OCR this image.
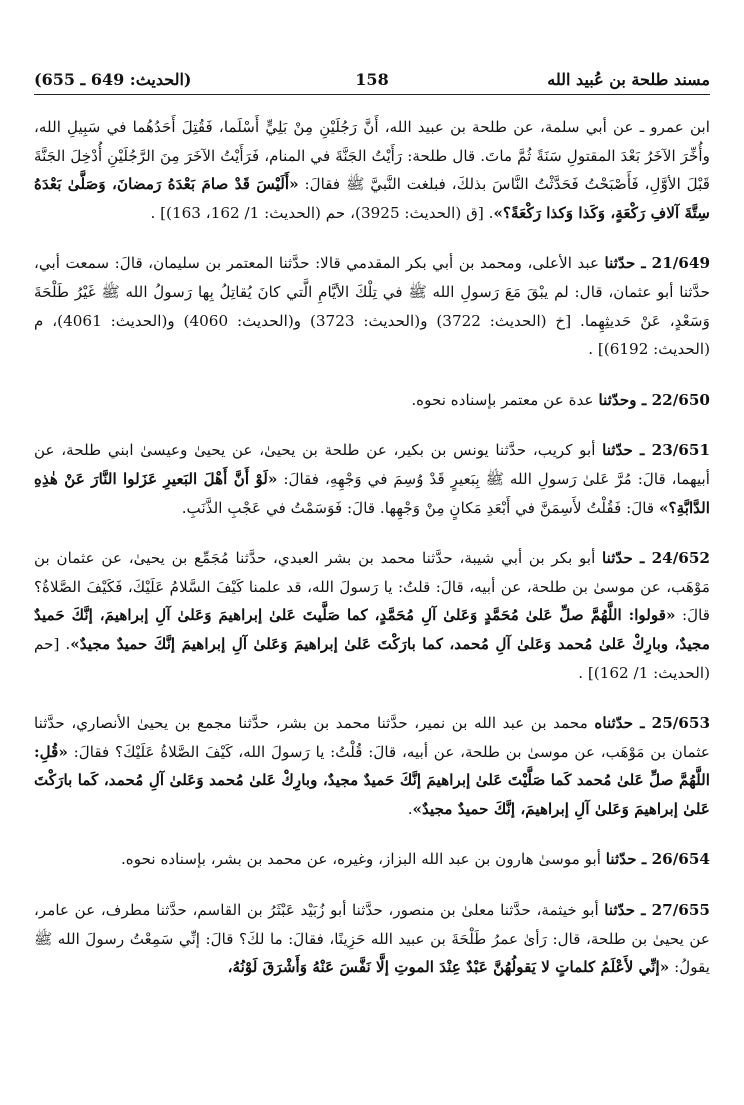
مسند طلحة بن عُبيد الله
158
(الحديث: 649 ـ 655)

ابن عمرو ـ عن أبي سلمة، عن طلحة بن عبيد الله، أَنَّ رَجُلَيْنِ مِنْ بَلِيٍّ أَسْلَما، فَقُتِلَ أَحَدُهُما في سَبِيلِ الله، وأُخِّرَ الآخَرُ بَعْدَ المقتولِ سَنَةً ثُمَّ ماتَ. قال طلحة: رَأَيْتُ الجَنَّةَ في المنام، فَرَأَيْتُ الآخَرَ مِنَ الرَّجُلَيْنِ أُدْخِلَ الجَنَّةَ قَبْلَ الأوَّلِ، فَأَصْبَحْتُ فَحَدَّثْتُ النَّاسَ بذلكَ، فبلغت النَّبيَّ ﷺ فقالَ: «أَلَيْسَ قَدْ صامَ بَعْدَهُ رَمضانَ، وَصَلَّىٰ بَعْدَهُ سِتَّةَ آلافِ رَكْعَةٍ، وَكَذا وَكذا رَكْعَةً؟». [ق (الحديث: 3925)، حم (الحديث: 1/ 162، 163)] .

21/649 ـ حدّثنا عبد الأعلى، ومحمد بن أبي بكر المقدمي قالا: حدَّثنا المعتمر بن سليمان، قالَ: سمعت أبي، حدَّثنا أبو عثمان، قال: لم يبْقَ مَعَ رَسولِ الله ﷺ في تِلْكَ الأيَّامِ الَّتي كانَ يُقاتِلُ بِها رَسولُ الله ﷺ غَيْرُ طَلْحَةَ وَسَعْدٍ، عَنْ حَديثِهِما. [خ (الحديث: 3722) و(الحديث: 3723) و(الحديث: 4060) و(الحديث: 4061)، م (الحديث: 6192)] .

22/650 ـ وحدّثنا عدة عن معتمر بإسناده نحوه.

23/651 ـ حدّثنا أبو كريب، حدَّثنا يونس بن بكير، عن طلحة بن يحيىٰ، عن يحيىٰ وعيسىٰ ابني طلحة، عن أبيهما، قالَ: مُرَّ عَلىٰ رَسولِ الله ﷺ بِبَعيرٍ قَدْ وُسِمَ في وَجْهِهِ، فقالَ: «لَوْ أَنَّ أَهْلَ البَعيرِ عَزَلوا النَّارَ عَنْ هٰذِهِ الدَّابَّةِ؟» قالَ: فَقُلْتُ لأَسِمَنَّ في أَبْعَدِ مَكانٍ مِنْ وَجْهِها. قالَ: فَوَسَمْتُ في عَجْبِ الذَّنَبِ.

24/652 ـ حدّثنا أبو بكر بن أبي شيبة، حدَّثنا محمد بن بشر العبدي، حدَّثنا مُجَمِّع بن يحيىٰ، عن عثمان بن مَوْهَب، عن موسىٰ بن طلحة، عن أبيه، قالَ: قلتُ: يا رَسولَ الله، قد علمنا كَيْفَ السَّلامُ عَلَيْكَ، فَكَيْفَ الصَّلاةُ؟ قالَ: «قولوا: اللَّهُمَّ صلِّ عَلىٰ مُحَمَّدٍ وَعَلىٰ آلِ مُحَمَّدٍ، كما صَلَّيتَ عَلىٰ إبراهيمَ وَعَلىٰ آلِ إبراهيمَ، إنَّكَ حَميدٌ مجيدٌ، وبارِكْ عَلىٰ مُحمد وَعَلىٰ آلِ مُحمد، كما بارَكْتَ عَلىٰ إبراهيمَ وَعَلىٰ آلِ إبراهيمَ إنَّكَ حميدٌ مجيدٌ». [حم (الحديث: 1/ 162)] .

25/653 ـ حدّثناه محمد بن عبد الله بن نمير، حدَّثنا محمد بن بشر، حدَّثنا مجمع بن يحيىٰ الأنصاري، حدَّثنا عثمان بن مَوْهَب، عن موسىٰ بن طلحة، عن أبيه، قالَ: قُلْتُ: يا رَسولَ الله، كَيْفَ الصَّلاةُ عَلَيْكَ؟ فقالَ: «قُلِ: اللَّهُمَّ صلِّ عَلىٰ مُحمد كَما صَلَّيْتَ عَلىٰ إبراهيمَ إنَّكَ حَميدٌ مجيدٌ، وبارِكْ عَلىٰ مُحمد وَعَلىٰ آلِ مُحمد، كَما بارَكْتَ عَلىٰ إبراهيمَ وَعَلىٰ آلِ إبراهيمَ، إنَّكَ حميدٌ مجيدٌ».

26/654 ـ حدّثنا أبو موسىٰ هارون بن عبد الله البزاز، وغيره، عن محمد بن بشر، بإسناده نحوه.

27/655 ـ حدّثنا أبو خيثمة، حدَّثنا معلىٰ بن منصور، حدَّثنا أبو زُبَيْد عَبْثَرُ بن القاسم، حدَّثنا مطرف، عن عامر، عن يحيىٰ بن طلحة، قال: رَأىٰ عمرُ طَلْحَةَ بن عبيد الله حَزِينًا، فقالَ: ما لكَ؟ قالَ: إنِّي سَمِعْتُ رسولَ الله ﷺ يقولُ: «إنِّي لأَعْلَمُ كلماتٍ لا يَقولُهُنَّ عَبْدٌ عِنْدَ الموتِ إلَّا نَفَّسَ عَنْهُ وَأَشْرَقَ لَوْنُهُ،
